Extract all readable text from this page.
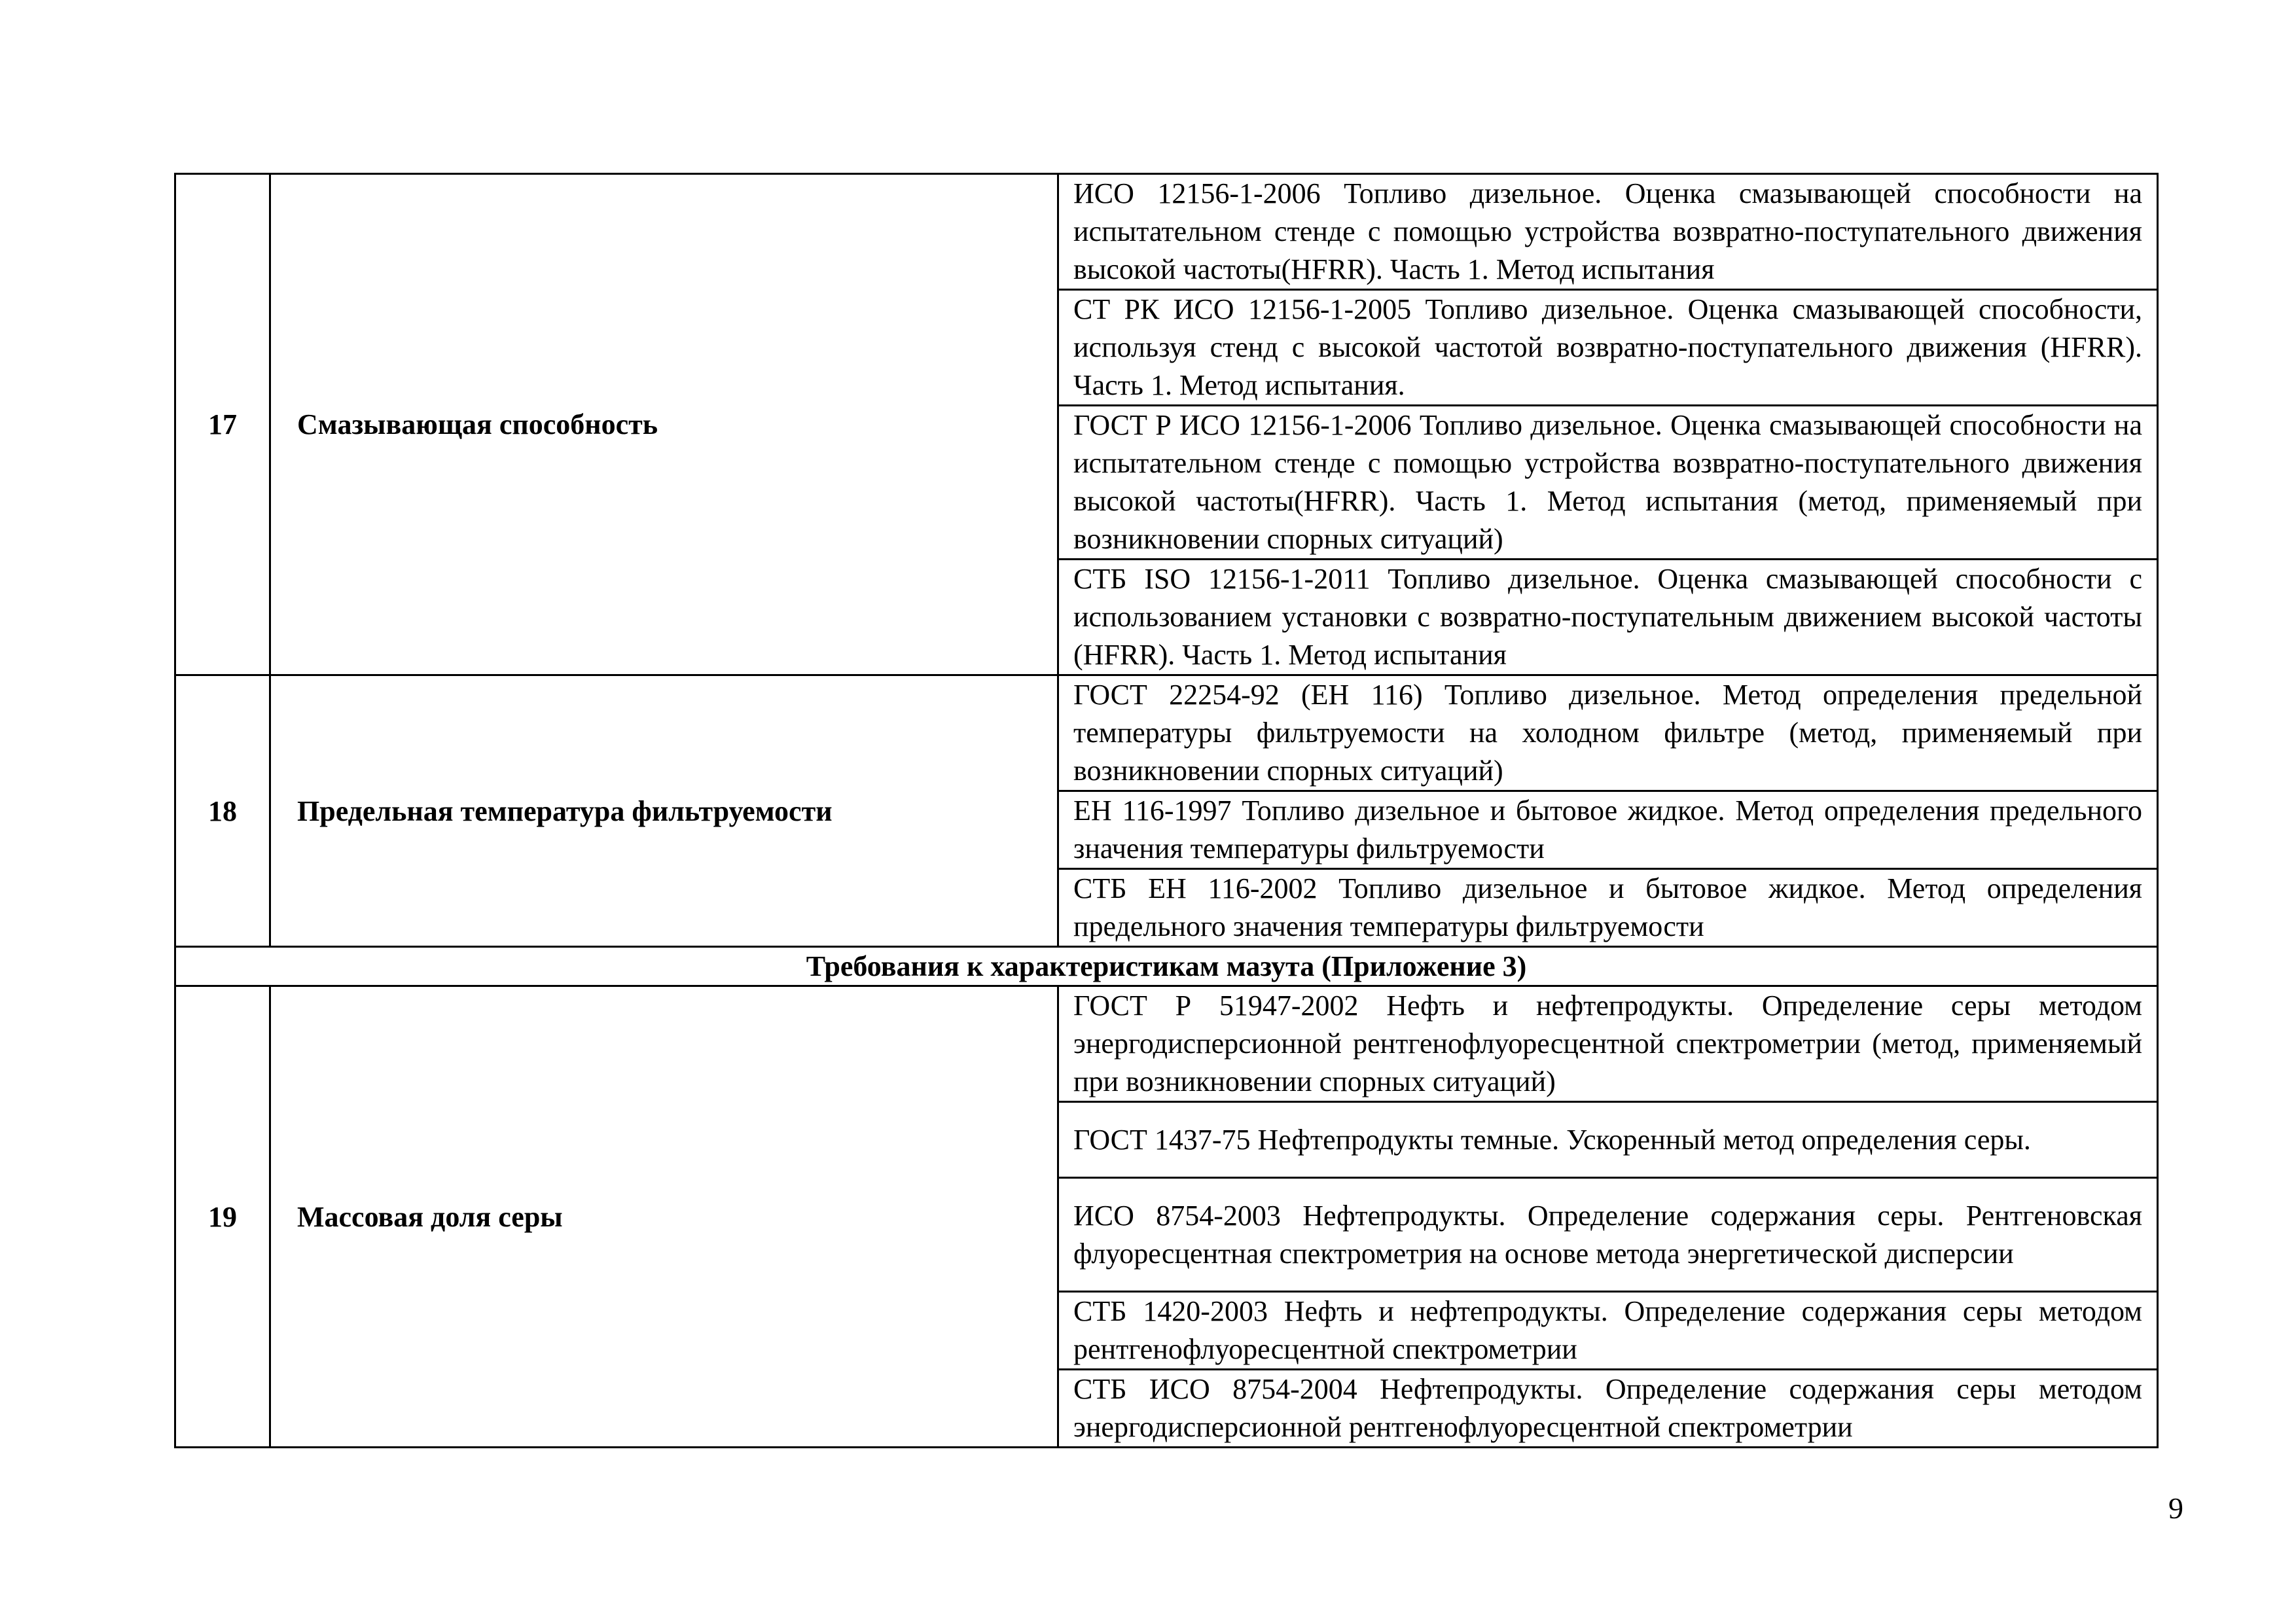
17	Смазывающая способность	ИСО 12156-1-2006 Топливо дизельное. Оценка смазывающей способности на испытательном стенде с помощью устройства возвратно-поступательного движения высокой частоты(HFRR). Часть 1. Метод испытания
		СТ РК ИСО 12156-1-2005 Топливо дизельное. Оценка смазывающей способности, используя стенд с высокой частотой возвратно-поступательного движения (HFRR). Часть 1. Метод испытания.
		ГОСТ Р ИСО 12156-1-2006 Топливо дизельное. Оценка смазывающей способности на испытательном стенде с помощью устройства возвратно-поступательного движения высокой частоты(HFRR). Часть 1. Метод испытания (метод, применяемый при возникновении спорных ситуаций)
		СТБ ISO 12156-1-2011 Топливо дизельное. Оценка смазывающей способности с использованием установки с возвратно-поступательным движением высокой частоты (HFRR). Часть 1. Метод испытания
18	Предельная температура фильтруемости	ГОСТ 22254-92 (ЕН 116) Топливо дизельное. Метод определения предельной температуры фильтруемости на холодном фильтре (метод, применяемый при возникновении спорных ситуаций)
		ЕН 116-1997 Топливо дизельное и бытовое жидкое. Метод определения предельного значения температуры фильтруемости
		СТБ ЕН 116-2002 Топливо дизельное и бытовое жидкое. Метод определения предельного значения температуры фильтруемости
Требования к характеристикам мазута (Приложение 3)		
19	Массовая доля серы	ГОСТ Р 51947-2002 Нефть и нефтепродукты. Определение серы методом энергодисперсионной рентгенофлуоресцентной спектрометрии (метод, применяемый при возникновении спорных ситуаций)
		ГОСТ 1437-75 Нефтепродукты темные. Ускоренный метод определения серы.
		ИСО 8754-2003 Нефтепродукты. Определение содержания серы. Рентгеновская флуоресцентная спектрометрия на основе метода энергетической дисперсии
		СТБ 1420-2003 Нефть и нефтепродукты. Определение содержания серы методом рентгенофлуоресцентной спектрометрии
		СТБ ИСО 8754-2004 Нефтепродукты. Определение содержания серы методом энергодисперсионной рентгенофлуоресцентной спектрометрии
9
